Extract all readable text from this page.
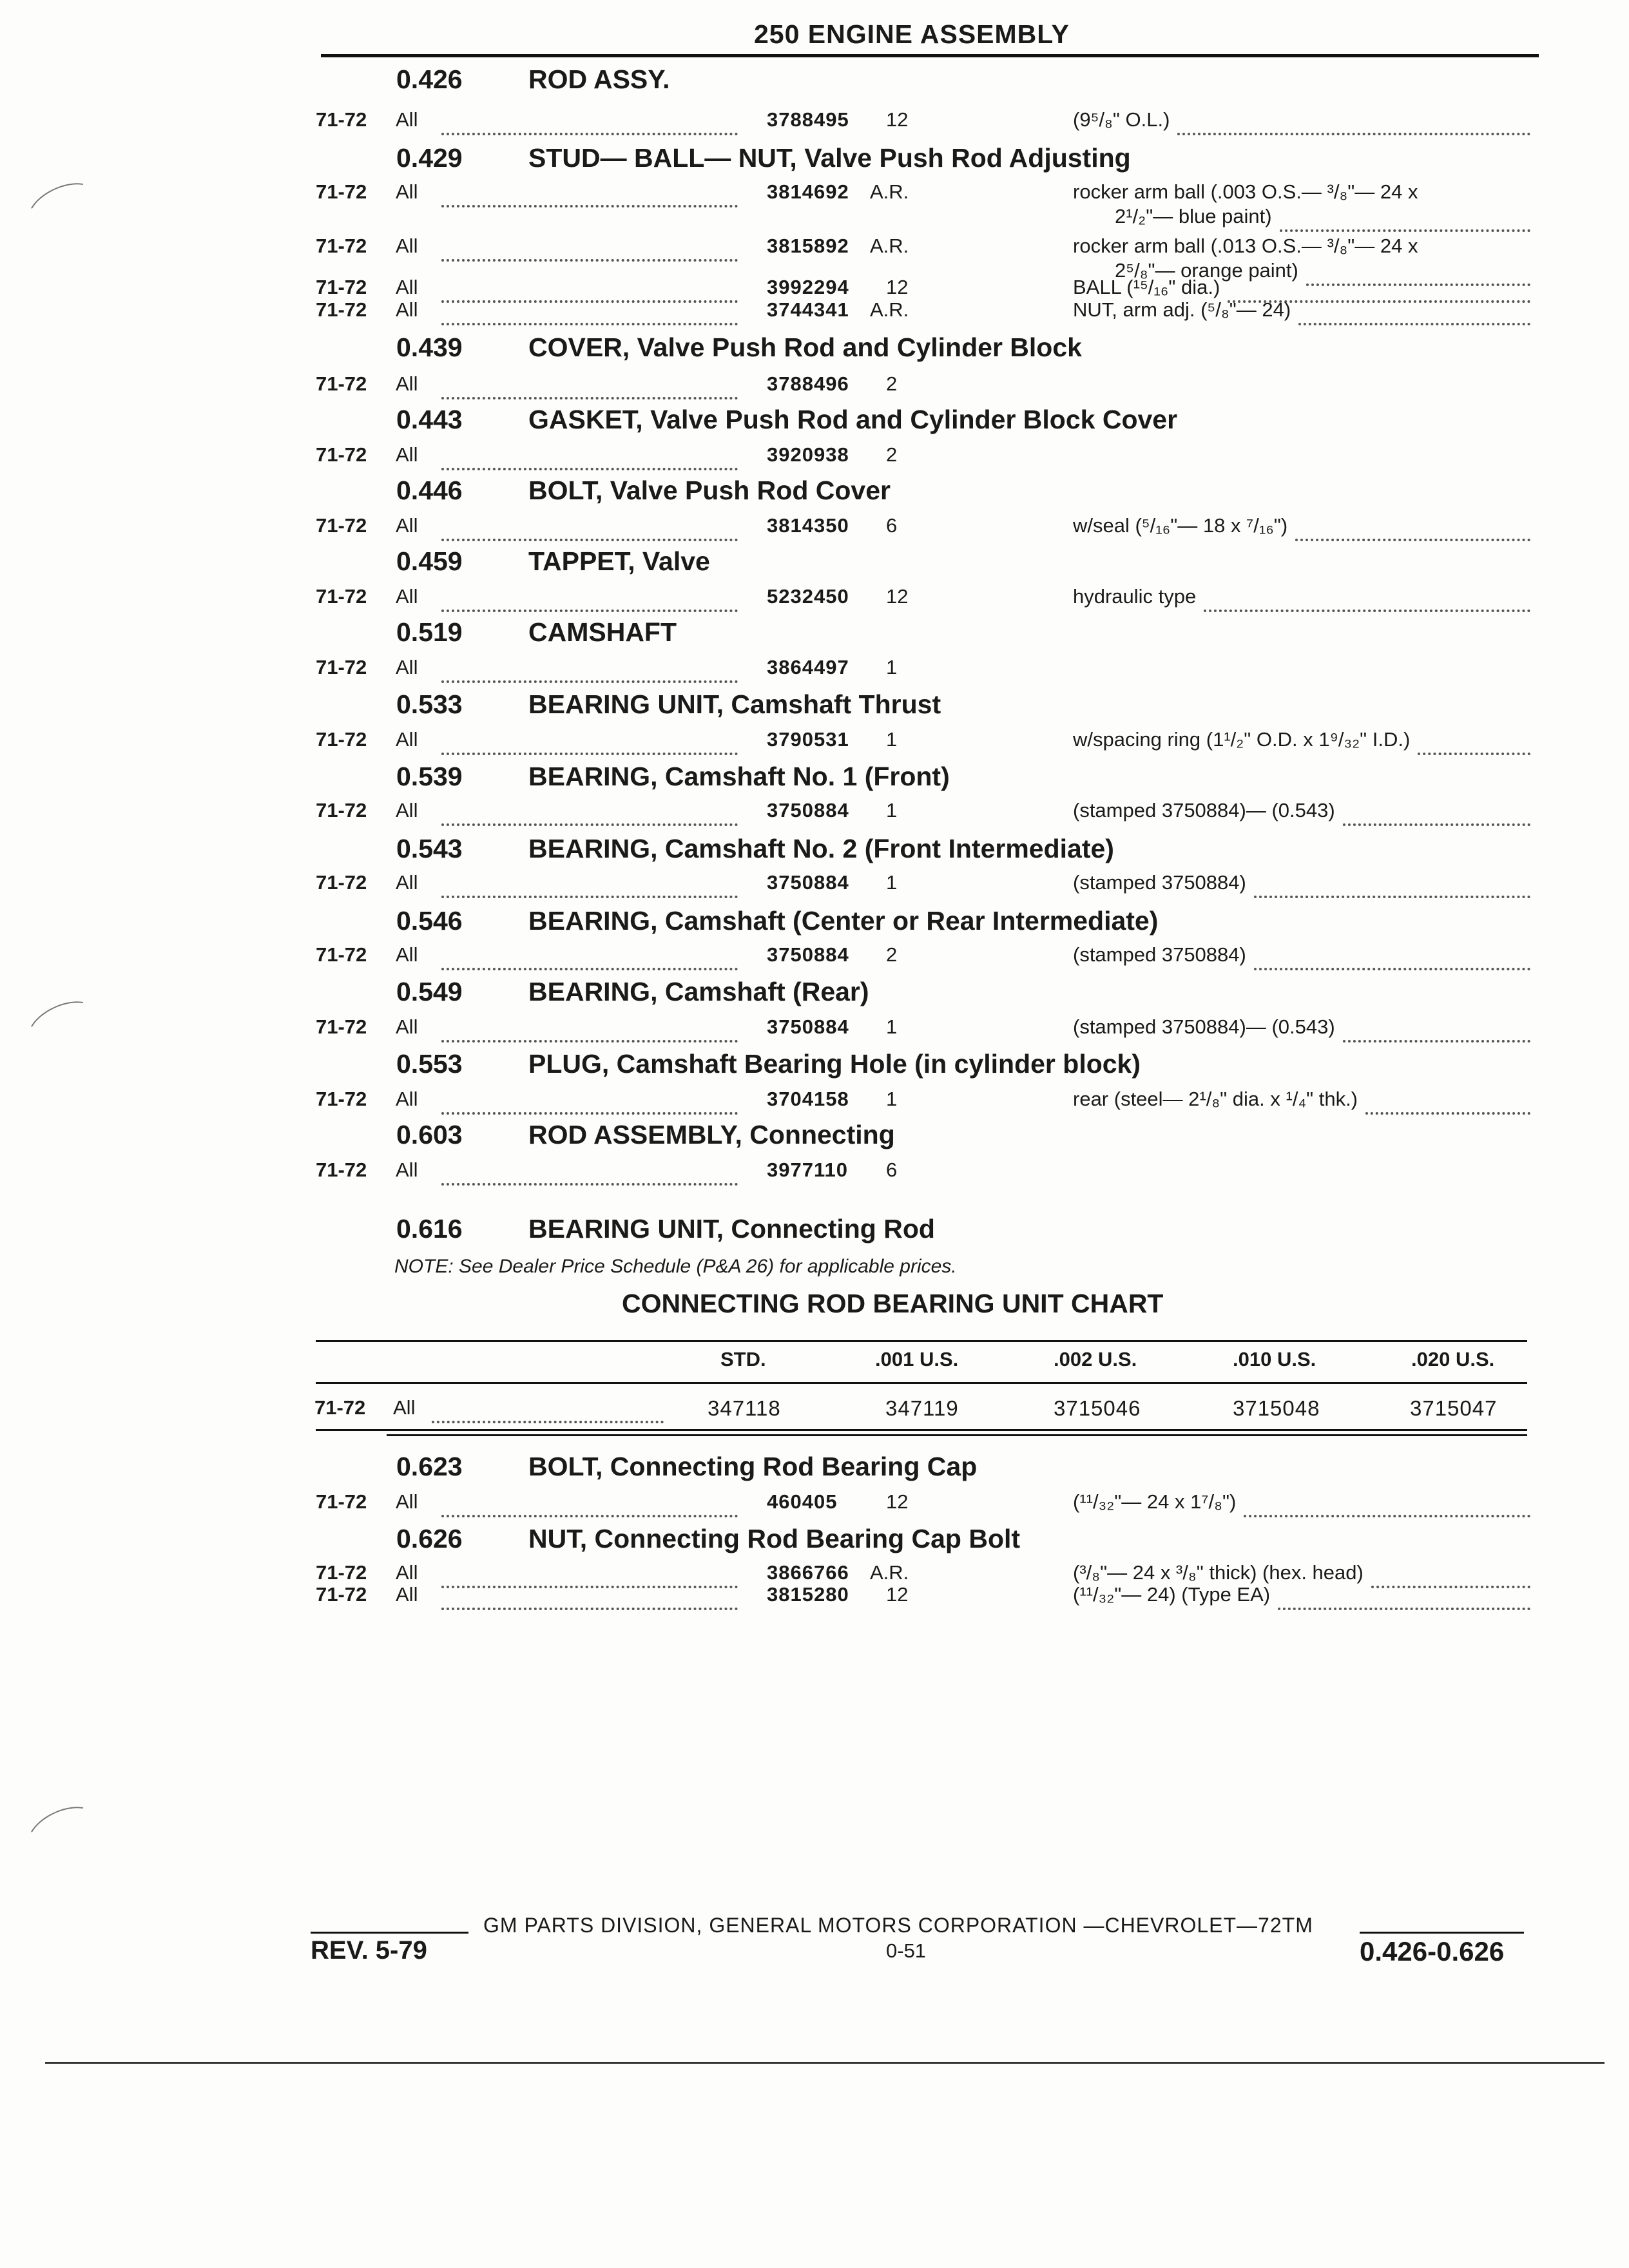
250 ENGINE ASSEMBLY
0.426 ROD ASSY.
71-72 All	3788495 12	(9⁵/₈" O.L.)
0.429 STUD— BALL— NUT, Valve Push Rod Adjusting
71-72 All	3814692 A.R.	rocker arm ball (.003 O.S.— ³/₈"— 24 x
2¹/₂"— blue paint)
71-72 All	3815892 A.R.	rocker arm ball (.013 O.S.— ³/₈"— 24 x
2⁵/₈"— orange paint)
71-72 All	3992294 12	BALL (¹⁵/₁₆" dia.)
71-72 All	3744341 A.R.	NUT, arm adj. (⁵/₈"— 24)
0.439 COVER, Valve Push Rod and Cylinder Block
71-72 All	3788496 2
0.443 GASKET, Valve Push Rod and Cylinder Block Cover
71-72 All	3920938 2
0.446 BOLT, Valve Push Rod Cover
71-72 All	3814350 6	w/seal (⁵/₁₆"— 18 x ⁷/₁₆")
0.459 TAPPET, Valve
71-72 All	5232450 12	hydraulic type
0.519 CAMSHAFT
71-72 All	3864497 1
0.533 BEARING UNIT, Camshaft Thrust
71-72 All	3790531 1	w/spacing ring (1¹/₂" O.D. x 1⁹/₃₂" I.D.)
0.539 BEARING, Camshaft No. 1 (Front)
71-72 All	3750884 1	(stamped 3750884)— (0.543)
0.543 BEARING, Camshaft No. 2 (Front Intermediate)
71-72 All	3750884 1	(stamped 3750884)
0.546 BEARING, Camshaft (Center or Rear Intermediate)
71-72 All	3750884 2	(stamped 3750884)
0.549 BEARING, Camshaft (Rear)
71-72 All	3750884 1	(stamped 3750884)— (0.543)
0.553 PLUG, Camshaft Bearing Hole (in cylinder block)
71-72 All	3704158 1	rear (steel— 2¹/₈" dia. x ¹/₄" thk.)
0.603 ROD ASSEMBLY, Connecting
71-72 All	3977110 6
0.616 BEARING UNIT, Connecting Rod
0.623 BOLT, Connecting Rod Bearing Cap
71-72 All	460405 12	(¹¹/₃₂"— 24 x 1⁷/₈")
0.626 NUT, Connecting Rod Bearing Cap Bolt
71-72 All	3866766 A.R.	(³/₈"— 24 x ³/₈" thick) (hex. head)
71-72 All	3815280 12	(¹¹/₃₂"— 24) (Type EA)
NOTE: See Dealer Price Schedule (P&A 26) for applicable prices.
CONNECTING ROD BEARING UNIT CHART
STD.	.001 U.S.	.002 U.S.	.010 U.S.	.020 U.S.
71-72 All	347118	347119	3715046	3715048	3715047
GM PARTS DIVISION, GENERAL MOTORS CORPORATION —CHEVROLET—72TM
REV. 5-79	0-51	0.426-0.626
